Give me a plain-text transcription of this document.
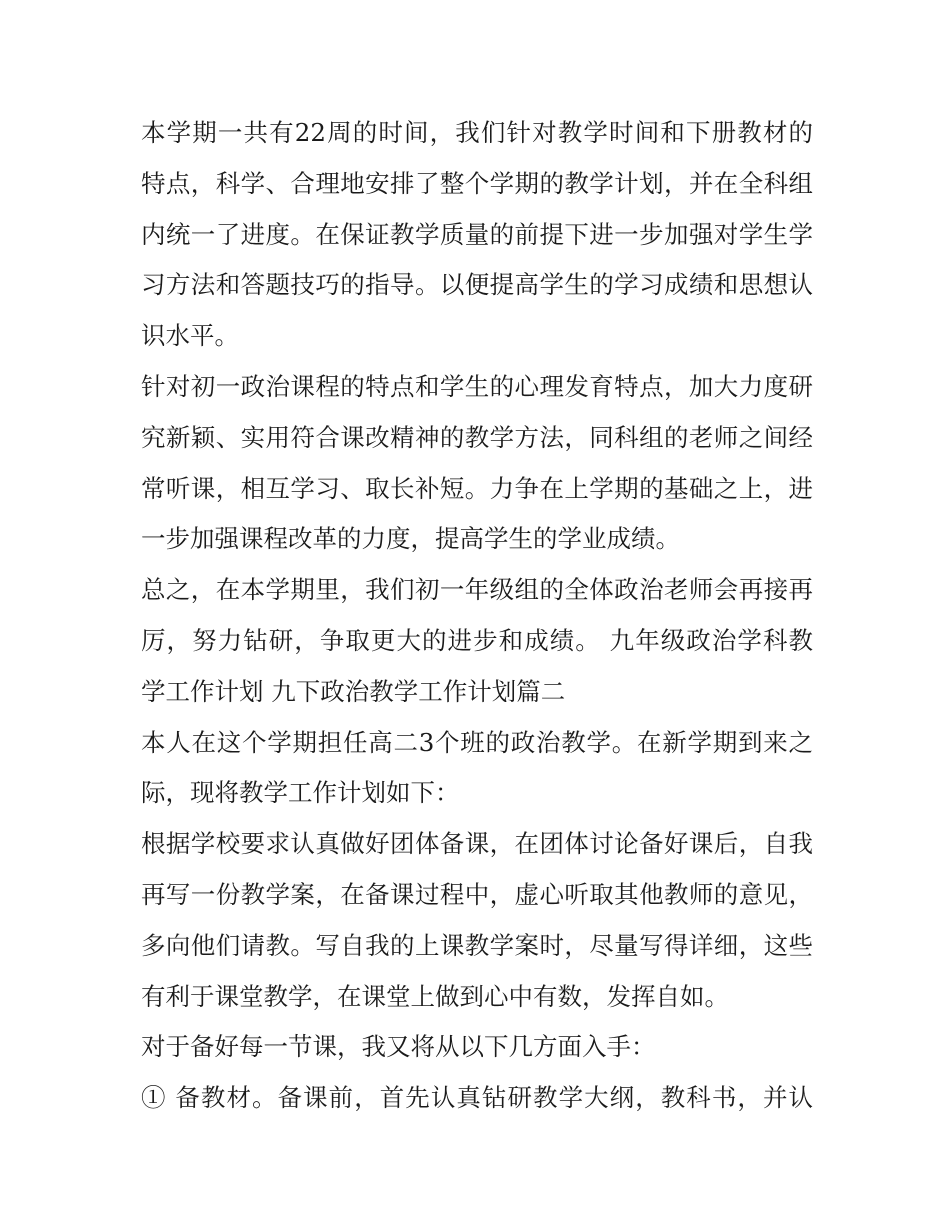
本学期一共有22周的时间，我们针对教学时间和下册教材的
特点，科学、合理地安排了整个学期的教学计划，并在全科组
内统一了进度。在保证教学质量的前提下进一步加强对学生学
习方法和答题技巧的指导。以便提高学生的学习成绩和思想认
识水平。
针对初一政治课程的特点和学生的心理发育特点，加大力度研
究新颖、实用符合课改精神的教学方法，同科组的老师之间经
常听课，相互学习、取长补短。力争在上学期的基础之上，进
一步加强课程改革的力度，提高学生的学业成绩。
总之，在本学期里，我们初一年级组的全体政治老师会再接再
厉，努力钻研，争取更大的进步和成绩。 九年级政治学科教
学工作计划 九下政治教学工作计划篇二
本人在这个学期担任高二3个班的政治教学。在新学期到来之
际，现将教学工作计划如下：
根据学校要求认真做好团体备课，在团体讨论备好课后，自我
再写一份教学案，在备课过程中，虚心听取其他教师的意见，
多向他们请教。写自我的上课教学案时，尽量写得详细，这些
有利于课堂教学，在课堂上做到心中有数，发挥自如。
对于备好每一节课，我又将从以下几方面入手：
① 备教材。备课前，首先认真钻研教学大纲，教科书，并认
